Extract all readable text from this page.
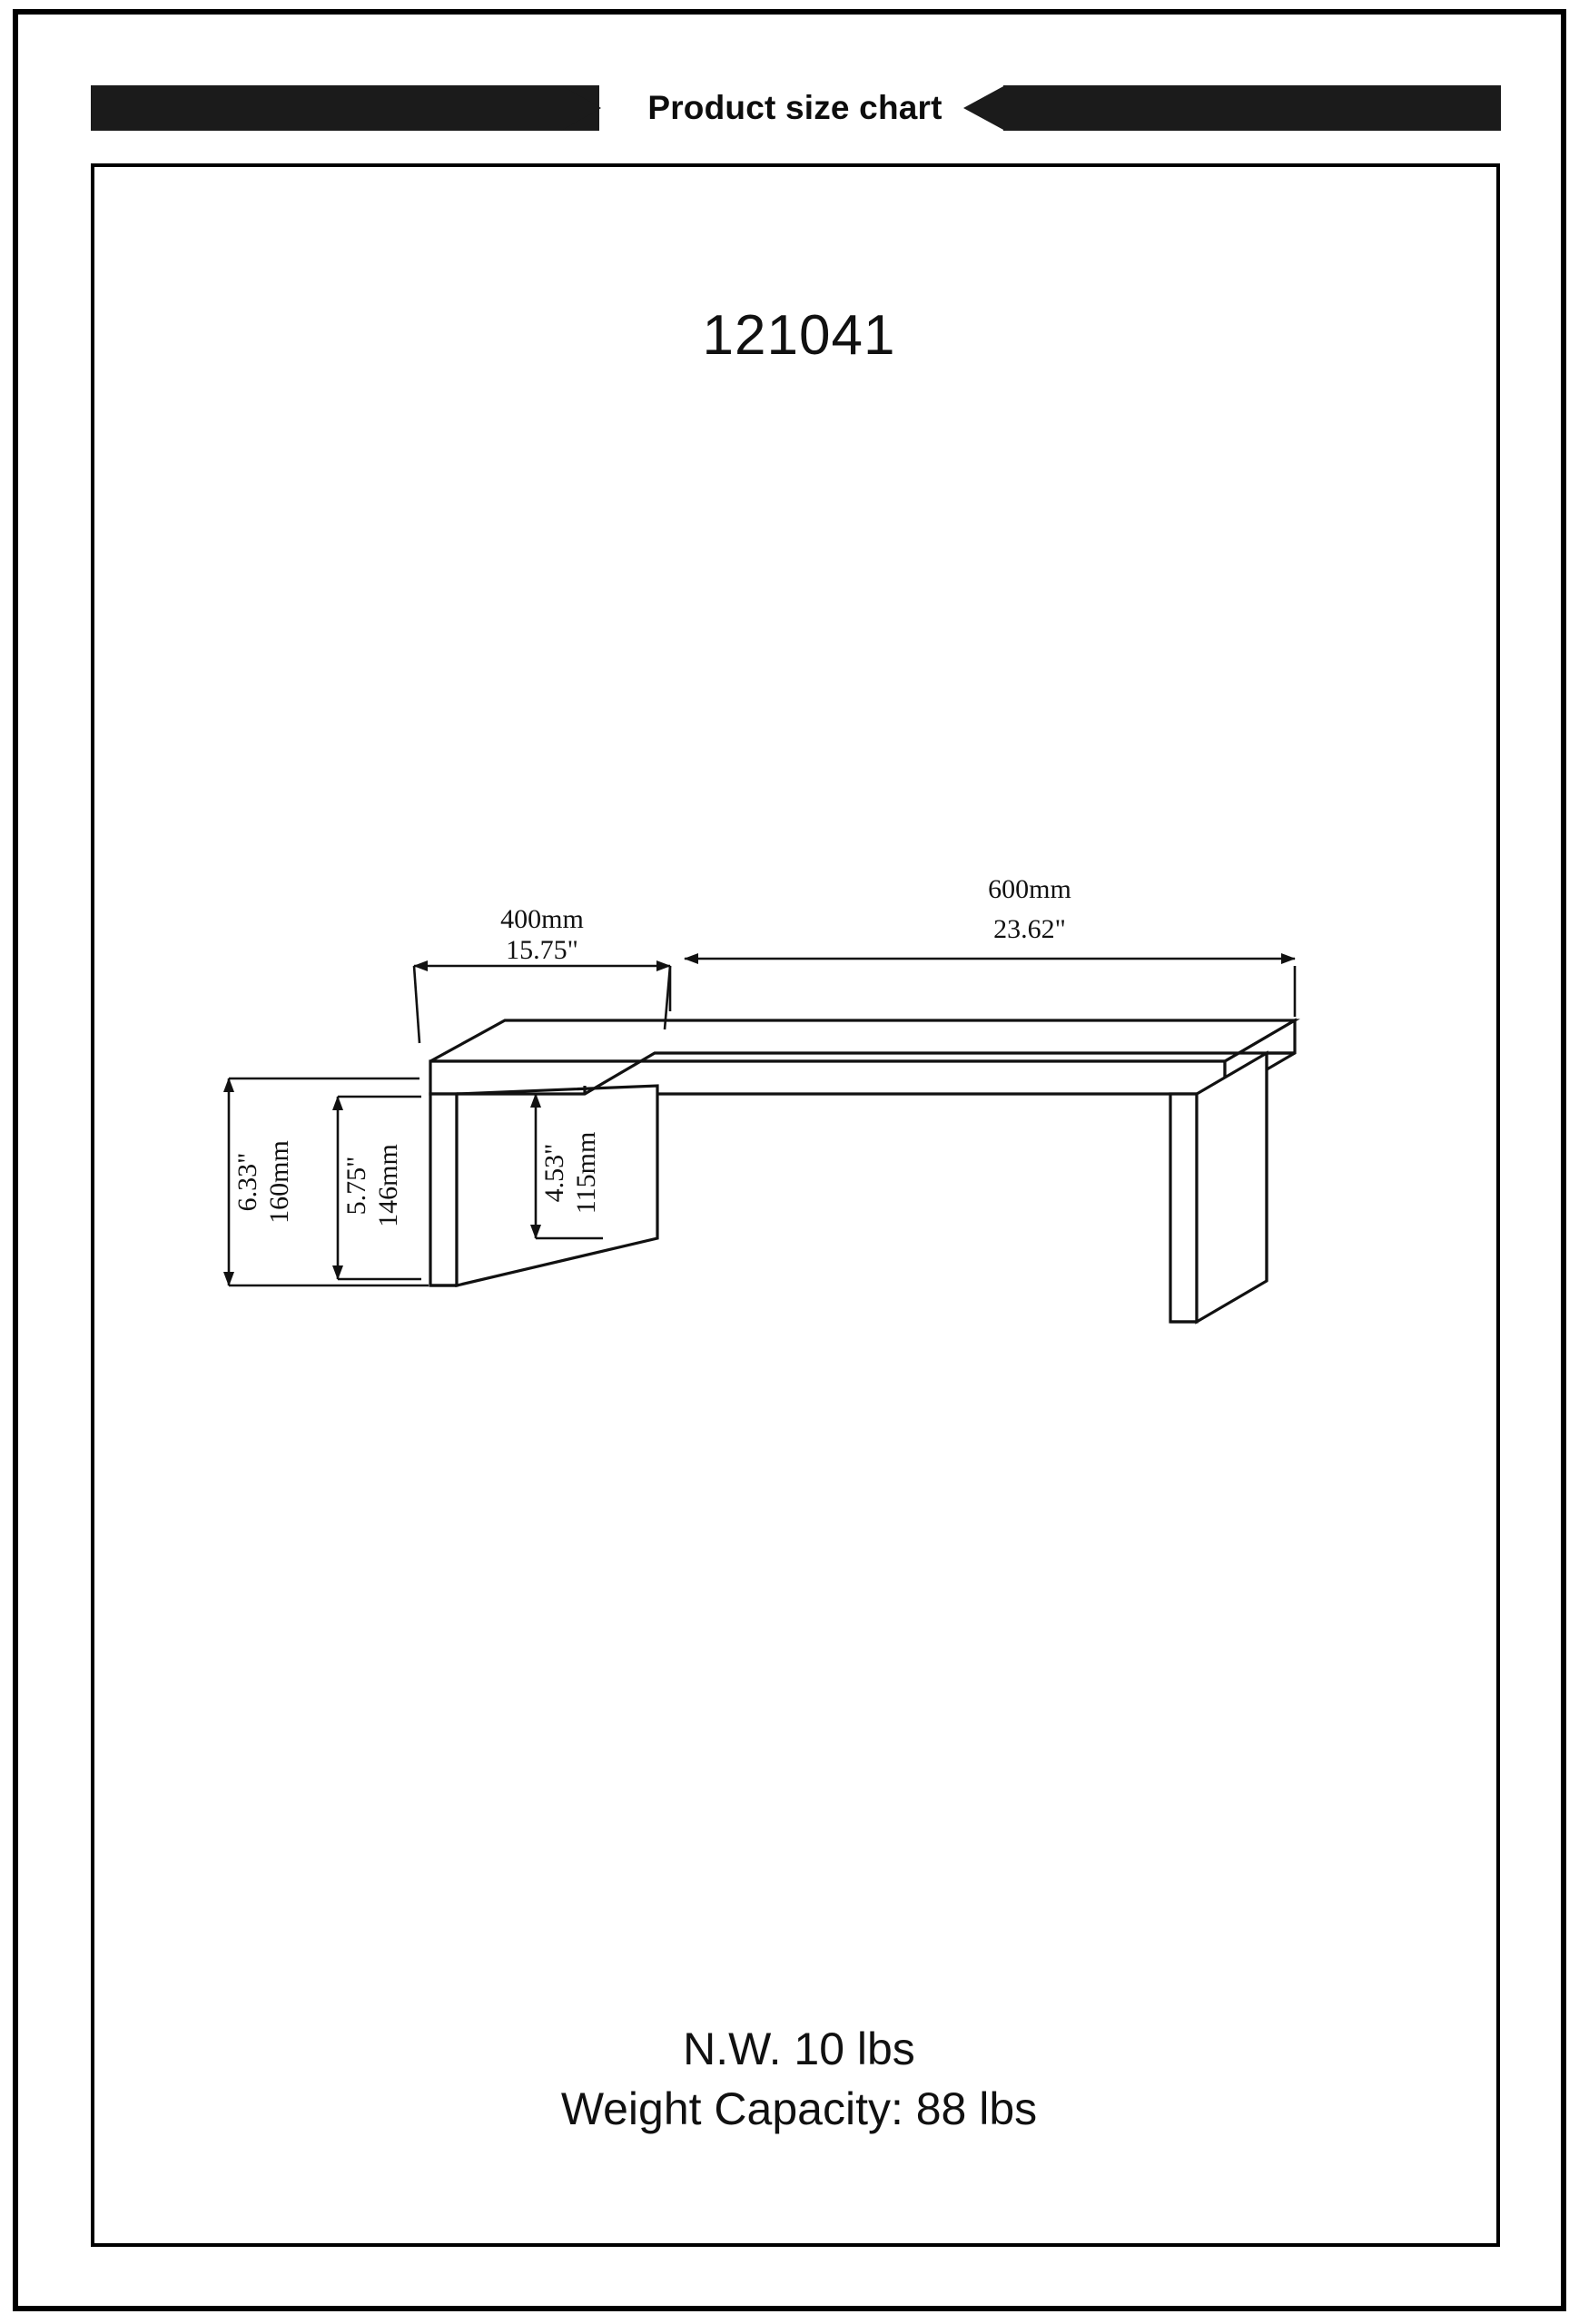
Product size chart
121041
400mm
15.75"
600mm
23.62"
160mm
6.33"	146mm
5.75"	115mm
4.53"
N.W. 10 lbs
Weight Capacity: 88 lbs
